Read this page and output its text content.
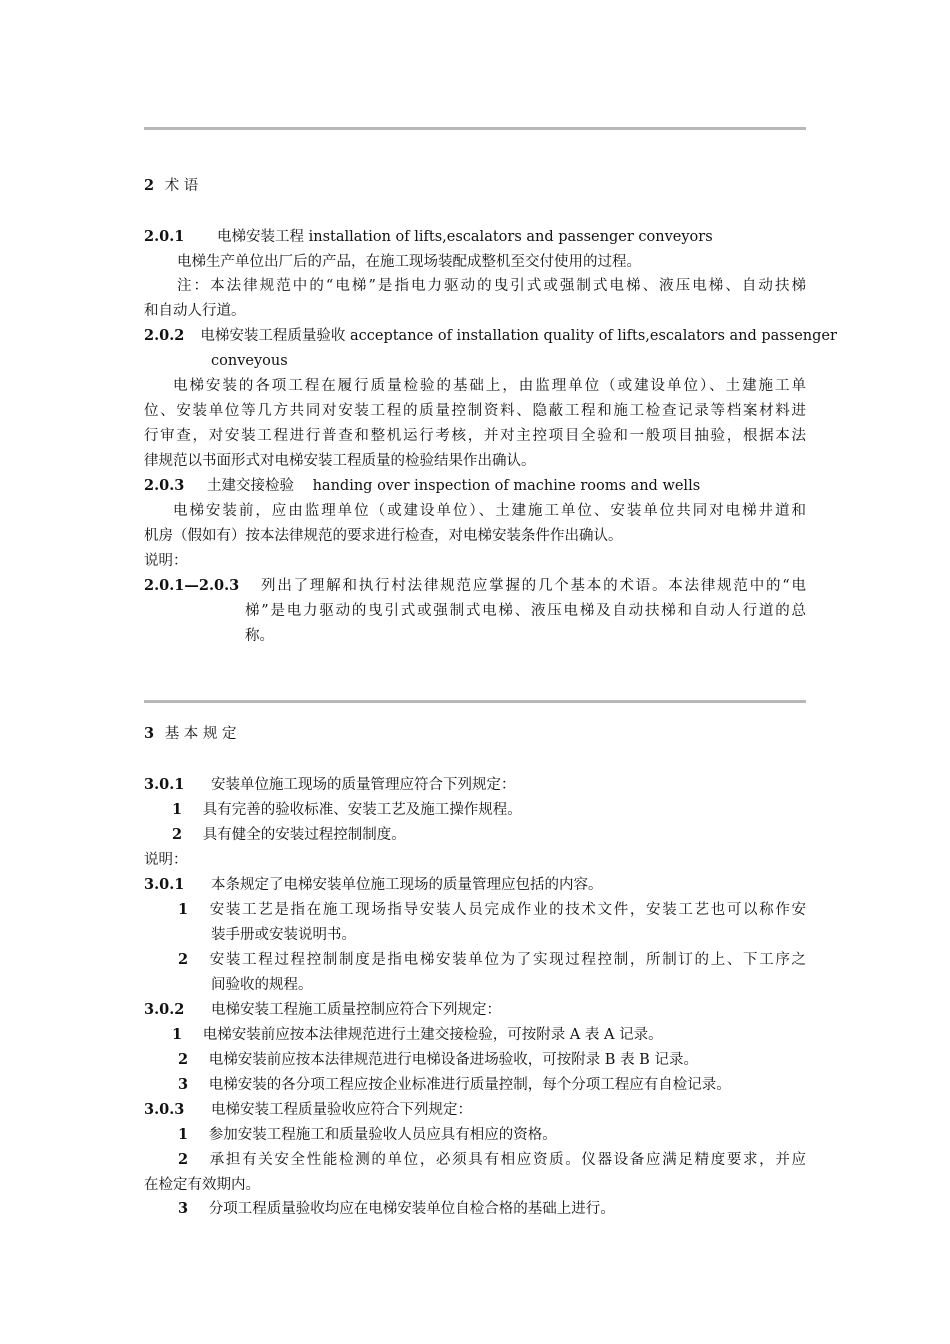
2 术 语
2.0.1 电梯安装工程 installation of lifts,escalators and passenger conveyors
电梯生产单位出厂后的产品，在施工现场装配成整机至交付使用的过程。
注：本法律规范中的“电梯”是指电力驱动的曳引式或强制式电梯、液压电梯、自动扶梯
和自动人行道。
2.0.2 电梯安装工程质量验收 acceptance of installation quality of lifts,escalators and passenger
conveyous
电梯安装的各项工程在履行质量检验的基础上，由监理单位（或建设单位）、土建施工单
位、安装单位等几方共同对安装工程的质量控制资料、隐蔽工程和施工检查记录等档案材料进
行审查，对安装工程进行普查和整机运行考核，并对主控项目全验和一般项目抽验，根据本法
律规范以书面形式对电梯安装工程质量的检验结果作出确认。
2.0.3 土建交接检验 handing over inspection of machine rooms and wells
电梯安装前，应由监理单位（或建设单位）、土建施工单位、安装单位共同对电梯井道和
机房（假如有）按本法律规范的要求进行检查，对电梯安装条件作出确认。
说明：
2.0.1—2.0.3 列出了理解和执行村法律规范应掌握的几个基本的术语。本法律规范中的“电
梯”是电力驱动的曳引式或强制式电梯、液压电梯及自动扶梯和自动人行道的总
称。
3 基 本 规 定
3.0.1 安装单位施工现场的质量管理应符合下列规定：
1 具有完善的验收标准、安装工艺及施工操作规程。
2 具有健全的安装过程控制制度。
说明：
3.0.1 本条规定了电梯安装单位施工现场的质量管理应包括的内容。
1 安装工艺是指在施工现场指导安装人员完成作业的技术文件，安装工艺也可以称作安
装手册或安装说明书。
2 安装工程过程控制制度是指电梯安装单位为了实现过程控制，所制订的上、下工序之
间验收的规程。
3.0.2 电梯安装工程施工质量控制应符合下列规定：
1 电梯安装前应按本法律规范进行土建交接检验，可按附录 A 表 A 记录。
2 电梯安装前应按本法律规范进行电梯设备进场验收，可按附录 B 表 B 记录。
3 电梯安装的各分项工程应按企业标准进行质量控制，每个分项工程应有自检记录。
3.0.3 电梯安装工程质量验收应符合下列规定：
1 参加安装工程施工和质量验收人员应具有相应的资格。
2 承担有关安全性能检测的单位，必须具有相应资质。仪器设备应满足精度要求，并应
在检定有效期内。
3 分项工程质量验收均应在电梯安装单位自检合格的基础上进行。
